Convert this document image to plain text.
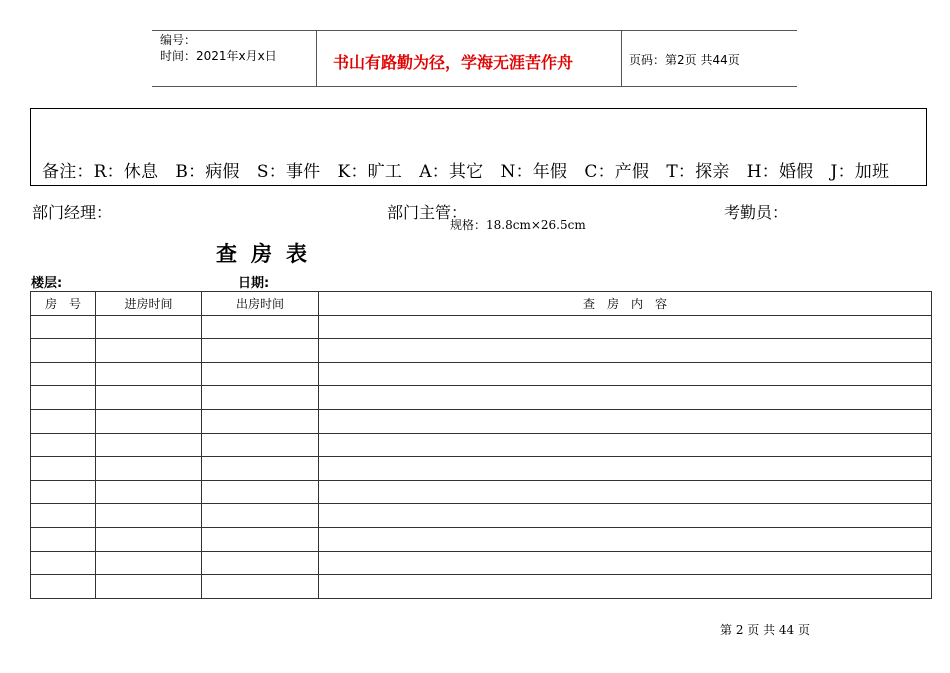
编号：
时间：2021年x月x日	书山有路勤为径，学海无涯苦作舟	页码：第2页 共44页
备注：R：休息　B：病假　S：事件　K：旷工　A：其它　N：年假　C：产假　T：探亲　H：婚假　J：加班
部门经理：	部门主管：	考勤员：
规格：18.8cm×26.5cm
查房表
楼层:	日期:
房　号	进房时间	出房时间	查　房　内　容

第 2 页 共 44 页
